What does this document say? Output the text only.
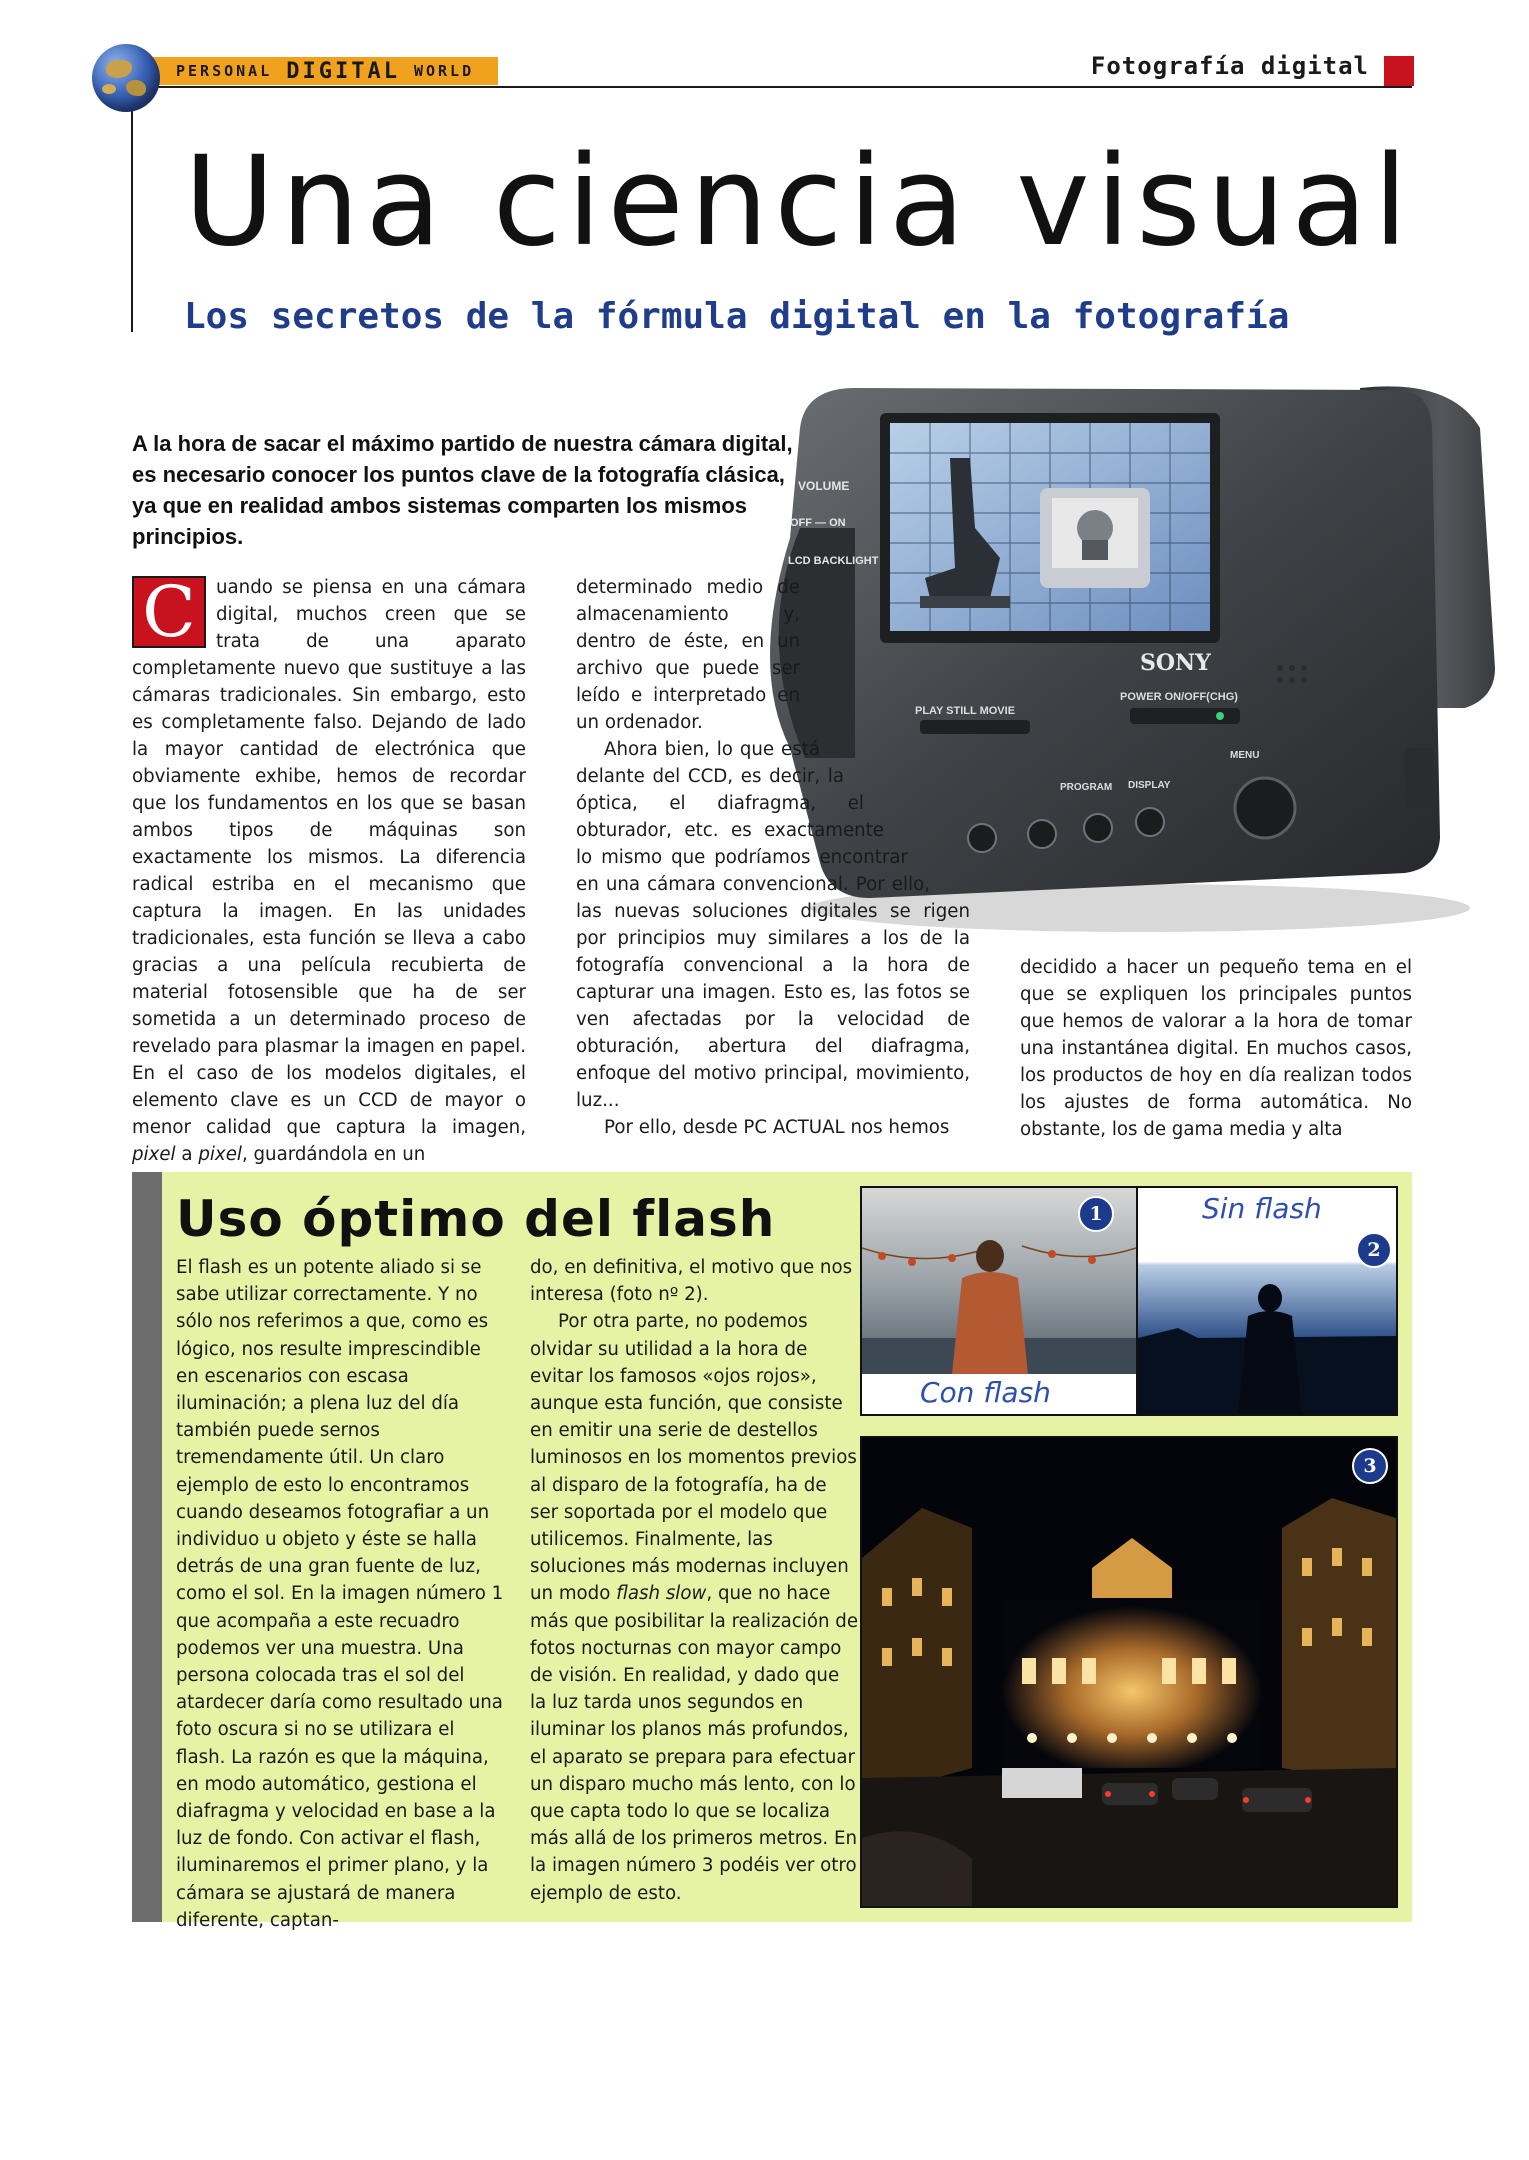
PERSONAL DIGITAL WORLD	Fotografía digital
Una ciencia visual
Los secretos de la fórmula digital en la fotografía
VOLUME
OFF — ON
LCD BACKLIGHT
SONY
PLAY STILL MOVIE
POWER ON/OFF(CHG)
MENU
PROGRAM DISPLAY
A la hora de sacar el máximo partido de nuestra cámara digital, es necesario conocer los puntos clave de la fotografía clásica, ya que en realidad ambos sistemas comparten los mismos principios.

C	uando se piensa en una cámara digital, muchos creen que se trata de una aparato completamente nuevo que sustituye a las cámaras tradicionales. Sin embargo, esto es completamente falso. Dejando de lado la mayor cantidad de electrónica que obviamente exhibe, hemos de recordar que los fundamentos en los que se basan ambos tipos de máquinas son exactamente los mismos. La diferencia radical estriba en el mecanismo que captura la imagen. En las unidades tradicionales, esta función se lleva a cabo gracias a una película recubierta de material fotosensible que ha de ser sometida a un determinado proceso de revelado para plasmar la imagen en papel. En el caso de los modelos digitales, el elemento clave es un CCD de mayor o menor calidad que captura la imagen, pixel a pixel, guardándola en un

determinado medio de almacenamiento y, dentro de éste, en un archivo que puede ser leído e interpretado en un ordenador.

Ahora bien, lo que está delante del CCD, es decir, la óptica, el diafragma, el obturador, etc. es exactamente lo mismo que podríamos encontrar en una cámara convencional. Por ello, las nuevas soluciones digitales se rigen por principios muy similares a los de la fotografía convencional a la hora de capturar una imagen. Esto es, las fotos se ven afectadas por la velocidad de obturación, abertura del diafragma, enfoque del motivo principal, movimiento, luz...

Por ello, desde PC ACTUAL nos hemos

decidido a hacer un pequeño tema en el que se expliquen los principales puntos que hemos de valorar a la hora de tomar una instantánea digital. En muchos casos, los productos de hoy en día realizan todos los ajustes de forma automática. No obstante, los de gama media y alta

Uso óptimo del flash

El flash es un potente aliado si se sabe utilizar correctamente. Y no sólo nos referimos a que, como es lógico, nos resulte imprescindible en escenarios con escasa iluminación; a plena luz del día también puede sernos tremendamente útil. Un claro ejemplo de esto lo encontramos cuando deseamos fotografiar a un individuo u objeto y éste se halla detrás de una gran fuente de luz, como el sol. En la imagen número 1 que acompaña a este recuadro podemos ver una muestra. Una persona colocada tras el sol del atardecer daría como resultado una foto oscura si no se utilizara el flash. La razón es que la máquina, en modo automático, gestiona el diafragma y velocidad en base a la luz de fondo. Con activar el flash, iluminaremos el primer plano, y la cámara se ajustará de manera diferente, captan-

do, en definitiva, el motivo que nos interesa (foto nº 2).

Por otra parte, no podemos olvidar su utilidad a la hora de evitar los famosos «ojos rojos», aunque esta función, que consiste en emitir una serie de destellos luminosos en los momentos previos al disparo de la fotografía, ha de ser soportada por el modelo que utilicemos. Finalmente, las soluciones más modernas incluyen un modo flash slow, que no hace más que posibilitar la realización de fotos nocturnas con mayor campo de visión. En realidad, y dado que la luz tarda unos segundos en iluminar los planos más profundos, el aparato se prepara para efectuar un disparo mucho más lento, con lo que capta todo lo que se localiza más allá de los primeros metros. En la imagen número 3 podéis ver otro ejemplo de esto.

Con flash
1	Sin flash
2
3
